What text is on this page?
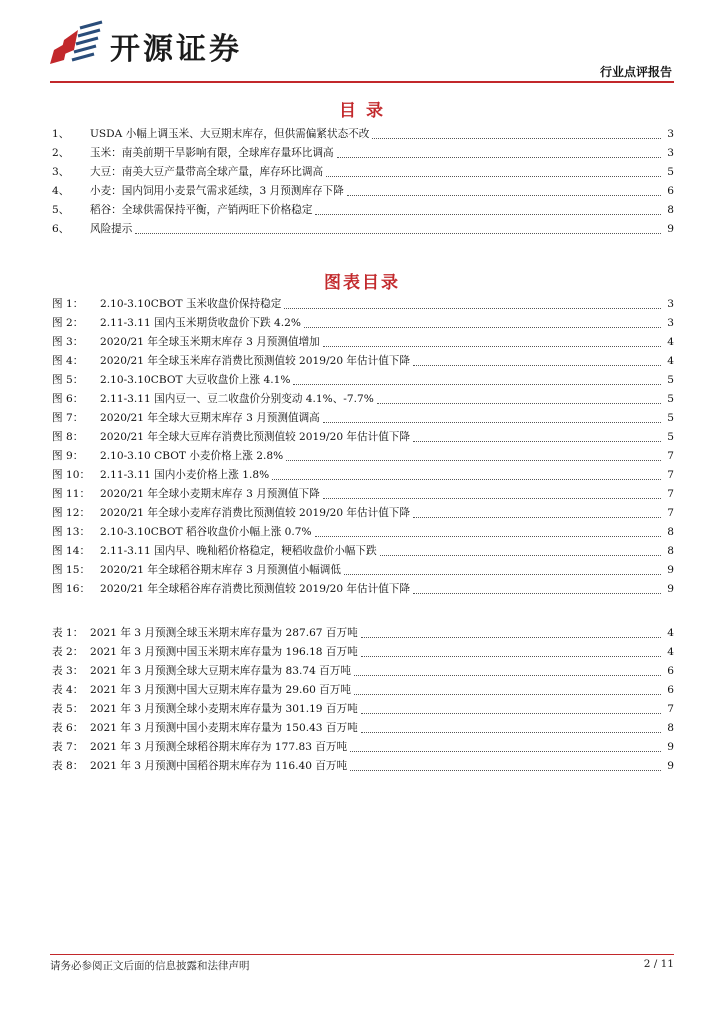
开源证券
行业点评报告
目 录
1、	USDA 小幅上调玉米、大豆期末库存，但供需偏紧状态不改	3
2、	玉米：南美前期干旱影响有限，全球库存量环比调高	3
3、	大豆：南美大豆产量带高全球产量，库存环比调高	5
4、	小麦：国内饲用小麦景气需求延续，3 月预测库存下降	6
5、	稻谷：全球供需保持平衡，产销两旺下价格稳定	8
6、	风险提示	9
图表目录
图 1：	2.10-3.10CBOT 玉米收盘价保持稳定	3
图 2：	2.11-3.11 国内玉米期货收盘价下跌 4.2%	3
图 3：	2020/21 年全球玉米期末库存 3 月预测值增加	4
图 4：	2020/21 年全球玉米库存消费比预测值较 2019/20 年估计值下降	4
图 5：	2.10-3.10CBOT 大豆收盘价上涨 4.1%	5
图 6：	2.11-3.11 国内豆一、豆二收盘价分别变动 4.1%、-7.7%	5
图 7：	2020/21 年全球大豆期末库存 3 月预测值调高	5
图 8：	2020/21 年全球大豆库存消费比预测值较 2019/20 年估计值下降	5
图 9：	2.10-3.10 CBOT 小麦价格上涨 2.8%	7
图 10： 2.11-3.11 国内小麦价格上涨 1.8%	7
图 11： 2020/21 年全球小麦期末库存 3 月预测值下降	7
图 12： 2020/21 年全球小麦库存消费比预测值较 2019/20 年估计值下降	7
图 13： 2.10-3.10CBOT 稻谷收盘价小幅上涨 0.7%	8
图 14： 2.11-3.11 国内早、晚籼稻价格稳定，粳稻收盘价小幅下跌	8
图 15： 2020/21 年全球稻谷期末库存 3 月预测值小幅调低	9
图 16： 2020/21 年全球稻谷库存消费比预测值较 2019/20 年估计值下降	9
表 1： 2021 年 3 月预测全球玉米期末库存量为 287.67 百万吨	4
表 2： 2021 年 3 月预测中国玉米期末库存量为 196.18 百万吨	4
表 3： 2021 年 3 月预测全球大豆期末库存量为 83.74 百万吨	6
表 4： 2021 年 3 月预测中国大豆期末库存量为 29.60 百万吨	6
表 5： 2021 年 3 月预测全球小麦期末库存量为 301.19 百万吨	7
表 6： 2021 年 3 月预测中国小麦期末库存量为 150.43 百万吨	8
表 7： 2021 年 3 月预测全球稻谷期末库存为 177.83 百万吨	9
表 8： 2021 年 3 月预测中国稻谷期末库存为 116.40 百万吨	9
请务必参阅正文后面的信息披露和法律声明	2 / 11
